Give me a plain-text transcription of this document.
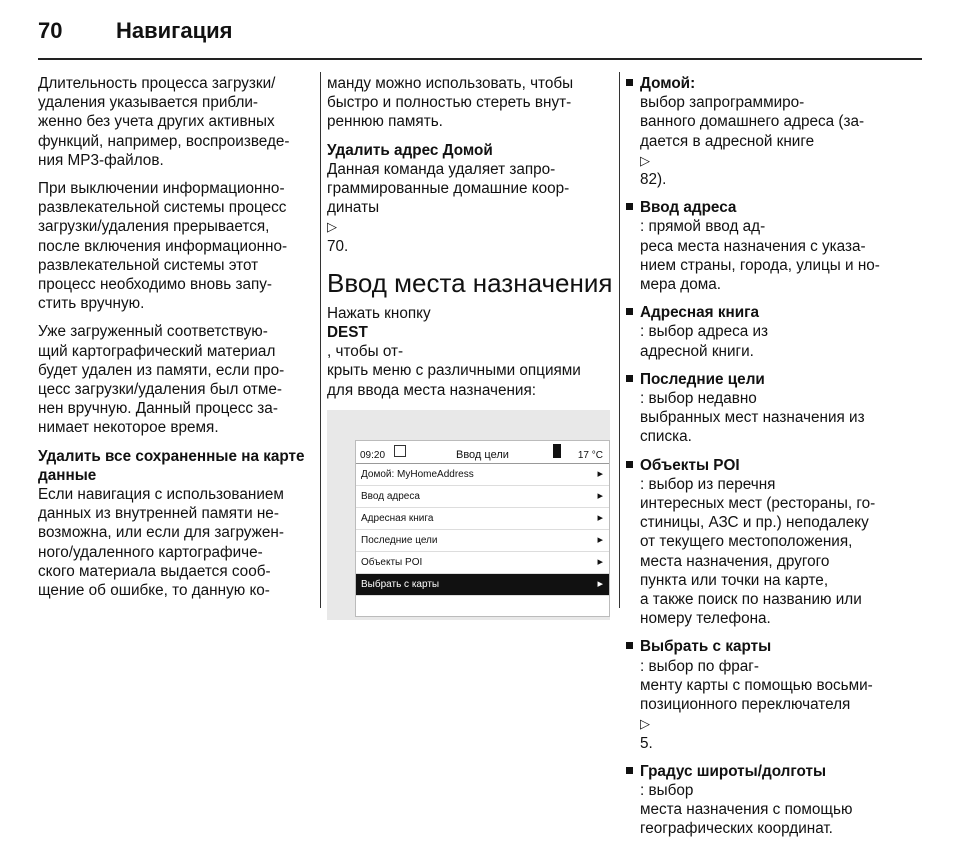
70 Навигация

Длительность процесса загрузки/
удаления указывается прибли-
женно без учета других активных
функций, например, воспроизведе-
ния MP3-файлов.

При выключении информационно-
развлекательной системы процесс
загрузки/удаления прерывается,
после включения информационно-
развлекательной системы этот
процесс необходимо вновь запу-
стить вручную.

Уже загруженный соответствую-
щий картографический материал
будет удален из памяти, если про-
цесс загрузки/удаления был отме-
нен вручную. Данный процесс за-
нимает некоторое время.

Удалить все сохраненные на карте
данные

Если навигация с использованием
данных из внутренней памяти не-
возможна, или если для загружен-
ного/удаленного картографиче-
ского материала выдается сооб-
щение об ошибке, то данную ко-

манду можно использовать, чтобы
быстро и полностью стереть внут-
реннюю память.

Удалить адрес Домой

Данная команда удаляет запро-
граммированные домашние коор-
динаты
▷
70.

Ввод места назначения

Нажать кнопку
DEST
, чтобы от-
крыть меню с различными опциями
для ввода места назначения:

09:20	Ввод цели	17 °C
Домой: MyHomeAddress	▸
Ввод адреса	▸
Адресная книга	▸
Последние цели	▸
Объекты POI	▸
Выбрать с карты	▸
Домой:
выбор запрограммиро-
ванного домашнего адреса (за-
дается в адресной книге
▷
82).
Ввод адреса
: прямой ввод ад-
реса места назначения с указа-
нием страны, города, улицы и но-
мера дома.
Адресная книга
: выбор адреса из
адресной книги.
Последние цели
: выбор недавно
выбранных мест назначения из
списка.
Объекты POI
: выбор из перечня
интересных мест (рестораны, го-
стиницы, АЗС и пр.) неподалеку
от текущего местоположения,
места назначения, другого
пункта или точки на карте,
а также поиск по названию или
номеру телефона.
Выбрать с карты
: выбор по фраг-
менту карты с помощью восьми-
позиционного переключателя
▷
5.
Градус широты/долготы
: выбор
места назначения с помощью
географических координат.
